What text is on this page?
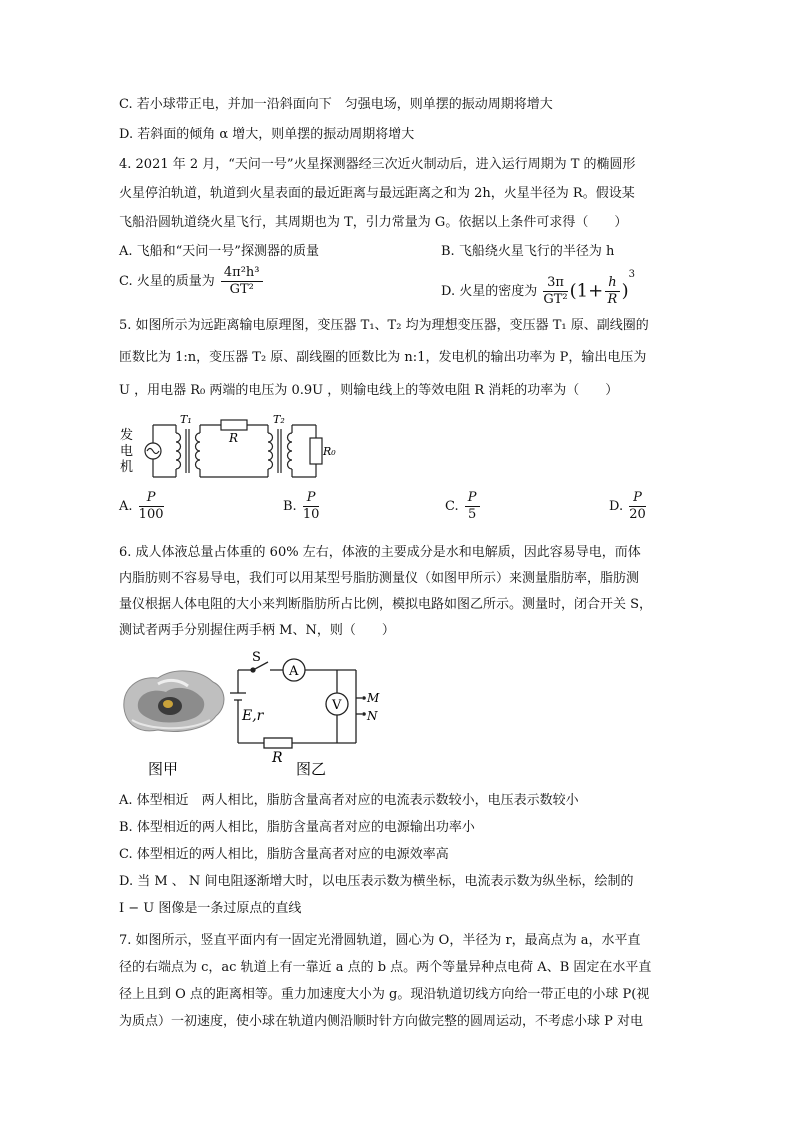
C. 若小球带正电，并加一沿斜面向下　匀强电场，则单摆的振动周期将增大
D. 若斜面的倾角 α 增大，则单摆的振动周期将增大
4. 2021 年 2 月，“天问一号”火星探测器经三次近火制动后，进入运行周期为 T 的椭圆形
火星停泊轨道，轨道到火星表面的最近距离与最远距离之和为 2h，火星半径为 R。假设某
飞船沿圆轨道绕火星飞行，其周期也为 T，引力常量为 G。依据以上条件可求得（　　）
A. 飞船和“天问一号”探测器的质量	B. 飞船绕火星飞行的半径为 h
C. 火星的质量为 $\frac{\text{4π²h³}}{\text{GT²}}$	D. 火星的密度为 $\frac{3\pi}{\text{GT²}} (1+ \frac{h}{R} )^3$
5. 如图所示为远距离输电原理图，变压器 T₁、T₂ 均为理想变压器，变压器 T₁ 原、副线圈的
匝数比为 1:n，变压器 T₂ 原、副线圈的匝数比为 n:1，发电机的输出功率为 P，输出电压为
U ，用电器 R₀ 两端的电压为 0.9U ，则输电线上的等效电阻 R 消耗的功率为（　　）
发
电
机
T₁
R
T₂
R₀
A. $\frac{P}{100}$	B. $\frac{P}{10}$	C. $\frac{P}{5}$	D. $\frac{P}{20}$
6. 成人体液总量占体重的 60% 左右，体液的主要成分是水和电解质，因此容易导电，而体
内脂肪则不容易导电，我们可以用某型号脂肪测量仪（如图甲所示）来测量脂肪率，脂肪测
量仪根据人体电阻的大小来判断脂肪所占比例，模拟电路如图乙所示。测量时，闭合开关 S，
测试者两手分别握住两手柄 M、N，则（　　）
S
A
V M
N
E,r
R
图甲	图乙
A. 体型相近　两人相比，脂肪含量高者对应的电流表示数较小，电压表示数较小
B. 体型相近的两人相比，脂肪含量高者对应的电源输出功率小
C. 体型相近的两人相比，脂肪含量高者对应的电源效率高
D. 当 M 、 N 间电阻逐渐增大时，以电压表示数为横坐标，电流表示数为纵坐标，绘制的
I − U 图像是一条过原点的直线
7. 如图所示，竖直平面内有一固定光滑圆轨道，圆心为 O，半径为 r，最高点为 a，水平直
径的右端点为 c，ac 轨道上有一靠近 a 点的 b 点。两个等量异种点电荷 A、B 固定在水平直
径上且到 O 点的距离相等。重力加速度大小为 g。现沿轨道切线方向给一带正电的小球 P(视
为质点）一初速度，使小球在轨道内侧沿顺时针方向做完整的圆周运动，不考虑小球 P 对电
